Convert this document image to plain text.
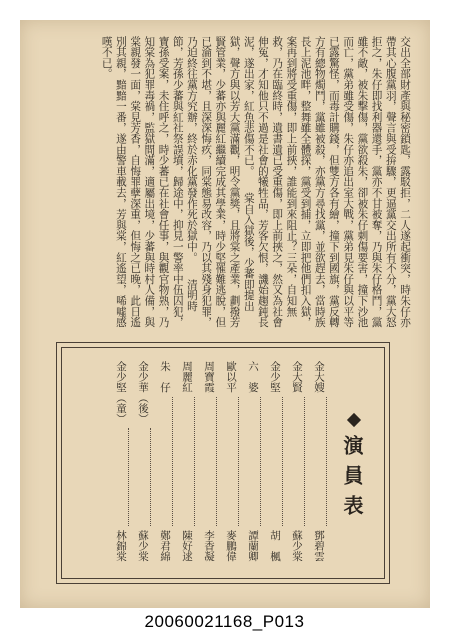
交出全部財產與秘密鎖匙，露駁拒，二人遂起衝突，時朱仔亦帶其心腹黨羽，聲言與受拚驟，更逼黨交出所有不分，黨大怒拒之，朱仔即找利器還手，黨亦不甘被奪，乃與朱仔格鬥，黨雖不敵，被朱擊傷，黨欲殺朱，卻被朱仔刺傷要害，撞下沙池而亡，黨弟雖受傷，朱仔亦追出室大戰，黨弟見朱仔與以平等已露驚怪，而毒計購錢，但雙方各有繪，撞下到國旗，黨反轉方有總物燭鬥，黨雖被殺，亦黨方尋找黨，並欲趕去，當時族長上泥池畔，整舞雖全體探，黨受到捕，立即把他們扣入獄，案再到將受重傷，即上前挾，誰能到來阻止？三朵，自知無救，乃在臨終時，遺書遺已受重傷，即上前挾之，然又為社會伸冤，才知他只不過是社會的犧牲品，芳客欠恨，譏始趨鈍長泥，遂出家，紅魚悲傷不已。　　棠自入獄後，少蕃即提出獄，聲方與以芳大黨滿觀，明令黨獎，且將棠之產業，劃撥芳賢管業，少蕃亦與麗紅繼續完成其學業，時少堅罹難逃脫，但已淪到不堪，且深深悔疚，同棠態易改容，乃以其殘身犯罪，乃迫終往黨方究辦，終於赤化黨發作死於獄中。　　清明時節，芳孫少蕃與紅社祭誤墳，歸途中，抑見一警率中伍囚犯，寶孫受案，未住呼之，時少蕃已在社會任事，與觀官物熟，乃知棠為犯罪毒禍，監獄間滿，適屬出境，少蕃與時村人備，與棠親發一面，棠見芳香，自悔罪孽深重，但悔之已晚，此日遙別其親，黯黯一番，遂由警車載去，芳與棠，紅遙望，唏噓感嘆不已。

演員表
金大嫂
鄧碧雲
金大賢
蘇少棠
金少堅
胡　楓
六　婆
譚蘭卿
歐以平
麥鵬偉
周寶霞
李香凝
周麗紅
陳好逑
朱　仔
鄭君綿
金少華（後）
蘇少棠
金少堅（童）
林錦棠
20060021168_P013
